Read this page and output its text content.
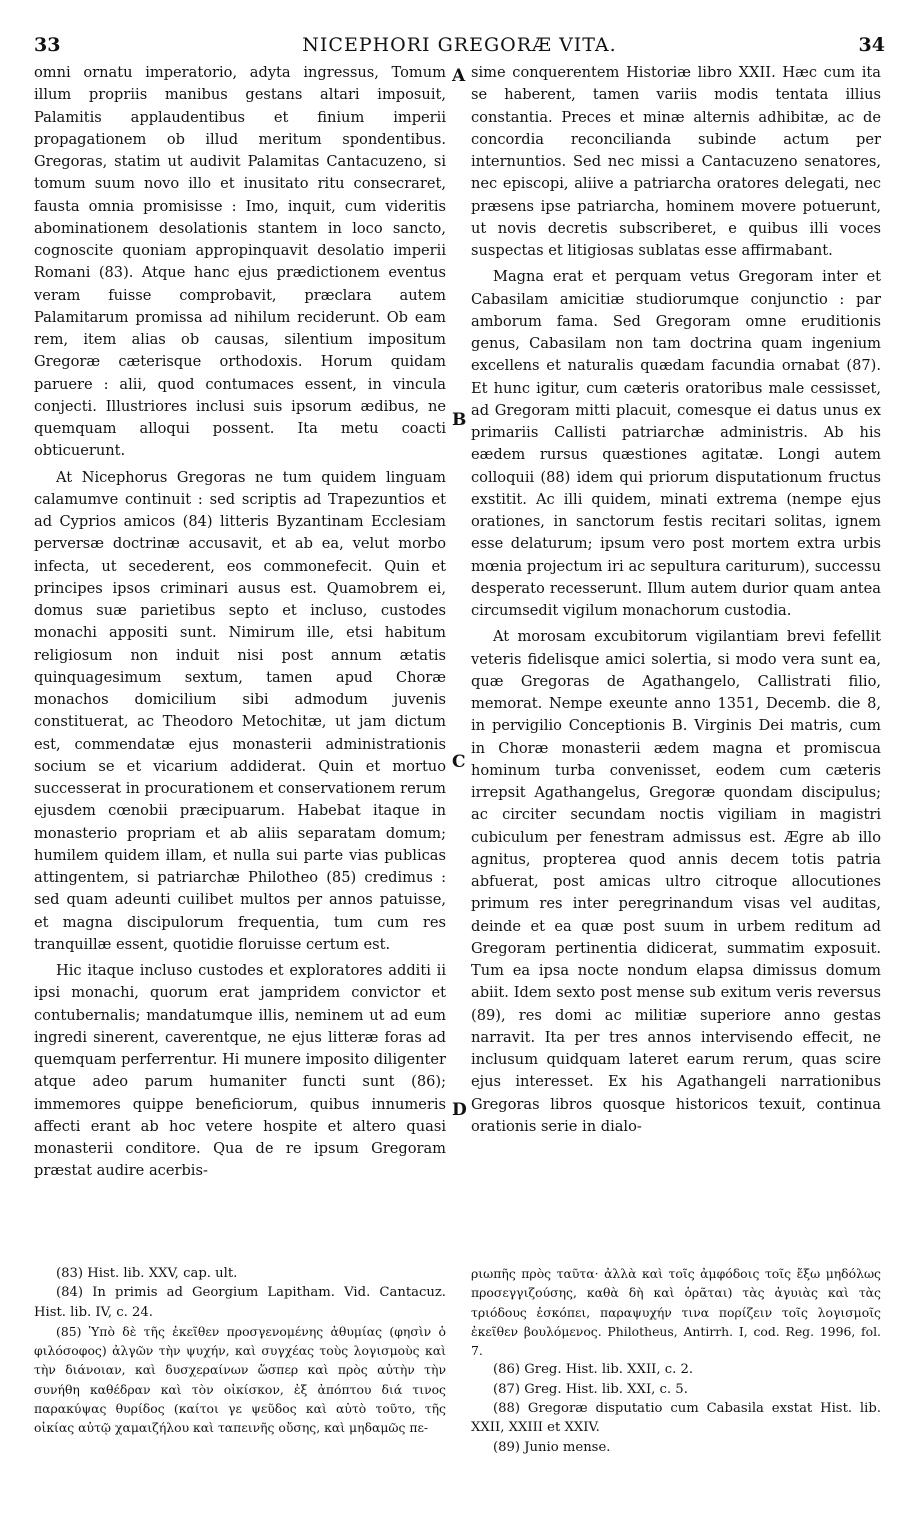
33	NICEPHORI GREGORÆ VITA.	34
A
B
C
D

omni ornatu imperatorio, adyta ingressus, Tomum illum propriis manibus gestans altari imposuit, Palamitis applaudentibus et finium imperii propagationem ob illud meritum spondentibus. Gregoras, statim ut audivit Palamitas Cantacuzeno, si tomum suum novo illo et inusitato ritu consecraret, fausta omnia promisisse : Imo, inquit, cum videritis abominationem desolationis stantem in loco sancto, cognoscite quoniam appropinquavit desolatio imperii Romani (83). Atque hanc ejus prædictionem eventus veram fuisse comprobavit, præclara autem Palamitarum promissa ad nihilum reciderunt. Ob eam rem, item alias ob causas, silentium impositum Gregoræ cæterisque orthodoxis. Horum quidam paruere : alii, quod contumaces essent, in vincula conjecti. Illustriores inclusi suis ipsorum ædibus, ne quemquam alloqui possent. Ita metu coacti obticuerunt.

At Nicephorus Gregoras ne tum quidem linguam calamumve continuit : sed scriptis ad Trapezuntios et ad Cyprios amicos (84) litteris Byzantinam Ecclesiam perversæ doctrinæ accusavit, et ab ea, velut morbo infecta, ut secederent, eos commonefecit. Quin et principes ipsos criminari ausus est. Quamobrem ei, domus suæ parietibus septo et incluso, custodes monachi appositi sunt. Nimirum ille, etsi habitum religiosum non induit nisi post annum ætatis quinquagesimum sextum, tamen apud Choræ monachos domicilium sibi admodum juvenis constituerat, ac Theodoro Metochitæ, ut jam dictum est, commendatæ ejus monasterii administrationis socium se et vicarium addiderat. Quin et mortuo successerat in procurationem et conservationem rerum ejusdem cœnobii præcipuarum. Habebat itaque in monasterio propriam et ab aliis separatam domum; humilem quidem illam, et nulla sui parte vias publicas attingentem, si patriarchæ Philotheo (85) credimus : sed quam adeunti cuilibet multos per annos patuisse, et magna discipulorum frequentia, tum cum res tranquillæ essent, quotidie floruisse certum est.

Hic itaque incluso custodes et exploratores additi ii ipsi monachi, quorum erat jampridem convictor et contubernalis; mandatumque illis, neminem ut ad eum ingredi sinerent, caverentque, ne ejus litteræ foras ad quemquam perferrentur. Hi munere imposito diligenter atque adeo parum humaniter functi sunt (86); immemores quippe beneficiorum, quibus innumeris affecti erant ab hoc vetere hospite et altero quasi monasterii conditore. Qua de re ipsum Gregoram præstat audire acerbis-

sime conquerentem Historiæ libro XXII. Hæc cum ita se haberent, tamen variis modis tentata illius constantia. Preces et minæ alternis adhibitæ, ac de concordia reconcilianda subinde actum per internuntios. Sed nec missi a Cantacuzeno senatores, nec episcopi, aliive a patriarcha oratores delegati, nec præsens ipse patriarcha, hominem movere potuerunt, ut novis decretis subscriberet, e quibus illi voces suspectas et litigiosas sublatas esse affirmabant.

Magna erat et perquam vetus Gregoram inter et Cabasilam amicitiæ studiorumque conjunctio : par amborum fama. Sed Gregoram omne eruditionis genus, Cabasilam non tam doctrina quam ingenium excellens et naturalis quædam facundia ornabat (87). Et hunc igitur, cum cæteris oratoribus male cessisset, ad Gregoram mitti placuit, comesque ei datus unus ex primariis Callisti patriarchæ administris. Ab his eædem rursus quæstiones agitatæ. Longi autem colloquii (88) idem qui priorum disputationum fructus exstitit. Ac illi quidem, minati extrema (nempe ejus orationes, in sanctorum festis recitari solitas, ignem esse delaturum; ipsum vero post mortem extra urbis mœnia projectum iri ac sepultura cariturum), successu desperato recesserunt. Illum autem durior quam antea circumsedit vigilum monachorum custodia.

At morosam excubitorum vigilantiam brevi fefellit veteris fidelisque amici solertia, si modo vera sunt ea, quæ Gregoras de Agathangelo, Callistrati filio, memorat. Nempe exeunte anno 1351, Decemb. die 8, in pervigilio Conceptionis B. Virginis Dei matris, cum in Choræ monasterii ædem magna et promiscua hominum turba convenisset, eodem cum cæteris irrepsit Agathangelus, Gregoræ quondam discipulus; ac circiter secundam noctis vigiliam in magistri cubiculum per fenestram admissus est. Ægre ab illo agnitus, propterea quod annis decem totis patria abfuerat, post amicas ultro citroque allocutiones primum res inter peregrinandum visas vel auditas, deinde et ea quæ post suum in urbem reditum ad Gregoram pertinentia didicerat, summatim exposuit. Tum ea ipsa nocte nondum elapsa dimissus domum abiit. Idem sexto post mense sub exitum veris reversus (89), res domi ac militiæ superiore anno gestas narravit. Ita per tres annos intervisendo effecit, ne inclusum quidquam lateret earum rerum, quas scire ejus interesset. Ex his Agathangeli narrationibus Gregoras libros quosque historicos texuit, continua orationis serie in dialo-

(83) Hist. lib. XXV, cap. ult.

(84) In primis ad Georgium Lapitham. Vid. Cantacuz. Hist. lib. IV, c. 24.

(85) Ὑπὸ δὲ τῆς ἐκεῖθεν προσγενομένης ἀθυμίας (φησὶν ὁ φιλόσοφος) ἀλγῶν τὴν ψυχήν, καὶ συγχέας τοὺς λογισμοὺς καὶ τὴν διάνοιαν, καὶ δυσχεραίνων ὥσπερ καὶ πρὸς αὐτὴν τὴν συνήθη καθέδραν καὶ τὸν οἰκίσκον, ἐξ ἀπόπτου διά τινος παρακύψας θυρίδος (καίτοι γε ψεῦδος καὶ αὐτὸ τοῦτο, τῆς οἰκίας αὐτῷ χαμαιζήλου καὶ ταπεινῆς οὔσης, καὶ μηδαμῶς πε-

ριωπῆς πρὸς ταῦτα· ἀλλὰ καὶ τοῖς ἀμφόδοις τοῖς ἔξω μηδόλως προσεγγιζούσης, καθὰ δὴ καὶ ὁρᾶται) τὰς ἀγυιὰς καὶ τὰς τριόδους ἐσκόπει, παραψυχήν τινα πορίζειν τοῖς λογισμοῖς ἐκεῖθεν βουλόμενος. Philotheus, Antirrh. I, cod. Reg. 1996, fol. 7.

(86) Greg. Hist. lib. XXII, c. 2.

(87) Greg. Hist. lib. XXI, c. 5.

(88) Gregoræ disputatio cum Cabasila exstat Hist. lib. XXII, XXIII et XXIV.

(89) Junio mense.
